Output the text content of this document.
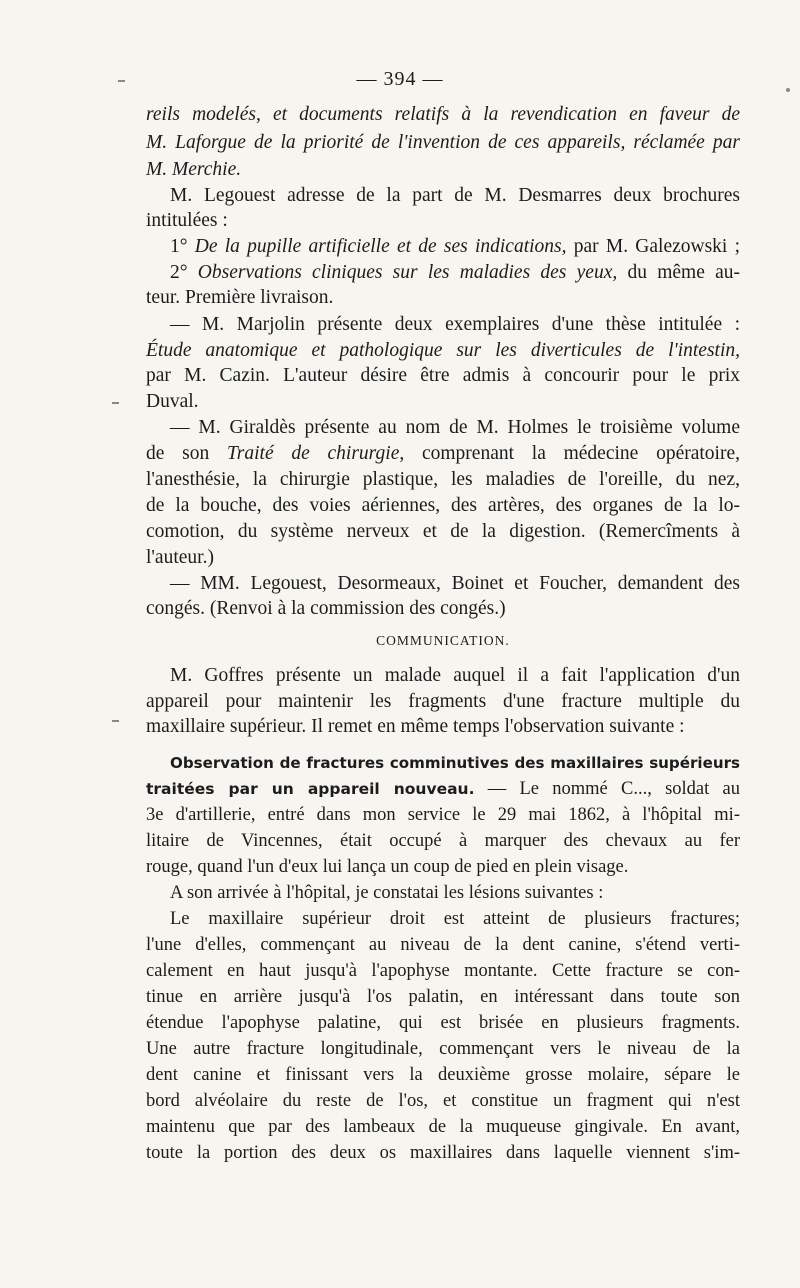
— 394 —
reils modelés, et documents relatifs à la revendication en faveur de
M. Laforgue de la priorité de l'invention de ces appareils, réclamée par
M. Merchie.
M. Legouest adresse de la part de M. Desmarres deux brochures
intitulées :
1° De la pupille artificielle et de ses indications, par M. Galezowski ;
2° Observations cliniques sur les maladies des yeux, du même au-
teur. Première livraison.
— M. Marjolin présente deux exemplaires d'une thèse intitulée :
Étude anatomique et pathologique sur les diverticules de l'intestin,
par M. Cazin. L'auteur désire être admis à concourir pour le prix
Duval.
— M. Giraldès présente au nom de M. Holmes le troisième volume
de son Traité de chirurgie, comprenant la médecine opératoire,
l'anesthésie, la chirurgie plastique, les maladies de l'oreille, du nez,
de la bouche, des voies aériennes, des artères, des organes de la lo-
comotion, du système nerveux et de la digestion. (Remercîments à
l'auteur.)
— MM. Legouest, Desormeaux, Boinet et Foucher, demandent des
congés. (Renvoi à la commission des congés.)
COMMUNICATION.
M. Goffres présente un malade auquel il a fait l'application d'un
appareil pour maintenir les fragments d'une fracture multiple du
maxillaire supérieur. Il remet en même temps l'observation suivante :
Observation de fractures comminutives des maxillaires supérieurs
traitées par un appareil nouveau. — Le nommé C..., soldat au
3e d'artillerie, entré dans mon service le 29 mai 1862, à l'hôpital mi-
litaire de Vincennes, était occupé à marquer des chevaux au fer
rouge, quand l'un d'eux lui lança un coup de pied en plein visage.
A son arrivée à l'hôpital, je constatai les lésions suivantes :
Le maxillaire supérieur droit est atteint de plusieurs fractures;
l'une d'elles, commençant au niveau de la dent canine, s'étend verti-
calement en haut jusqu'à l'apophyse montante. Cette fracture se con-
tinue en arrière jusqu'à l'os palatin, en intéressant dans toute son
étendue l'apophyse palatine, qui est brisée en plusieurs fragments.
Une autre fracture longitudinale, commençant vers le niveau de la
dent canine et finissant vers la deuxième grosse molaire, sépare le
bord alvéolaire du reste de l'os, et constitue un fragment qui n'est
maintenu que par des lambeaux de la muqueuse gingivale. En avant,
toute la portion des deux os maxillaires dans laquelle viennent s'im-
